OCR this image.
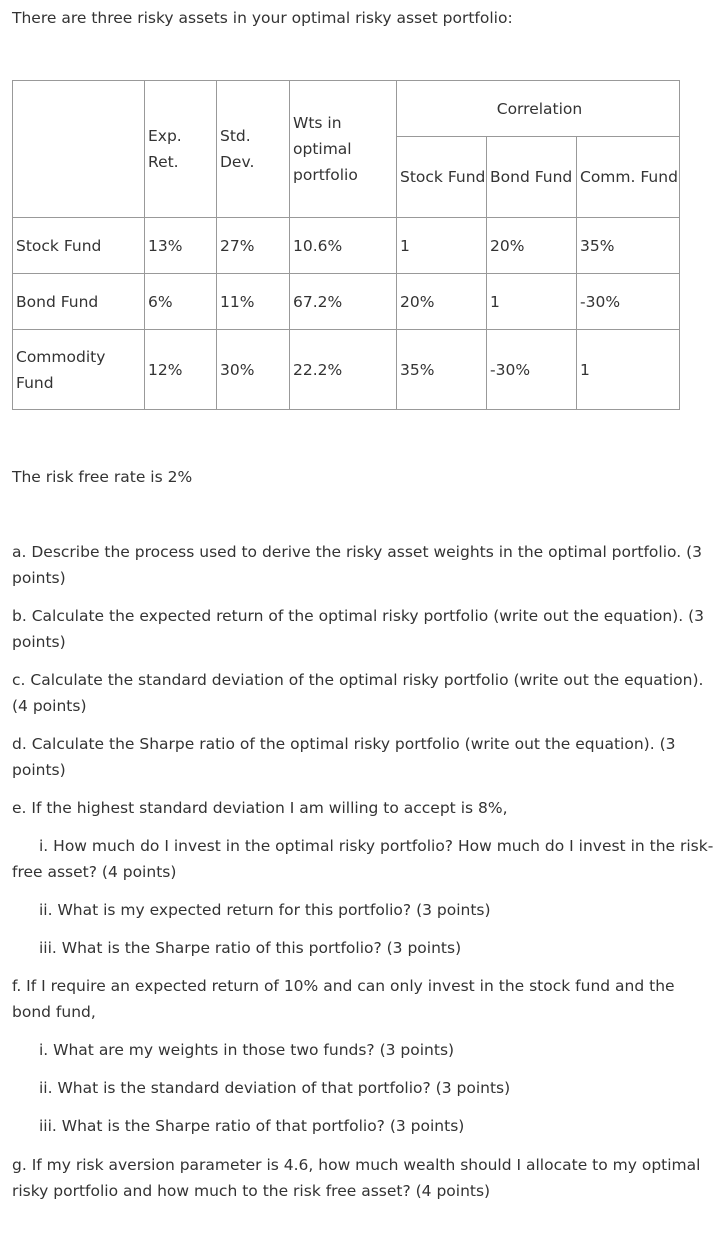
There are three risky assets in your optimal risky asset portfolio:
	Exp. Ret.	Std. Dev.	Wts in optimal portfolio	Correlation		
				Stock Fund	Bond Fund	Comm. Fund
Stock Fund	13%	27%	10.6%	1	20%	35%
Bond Fund	6%	11%	67.2%	20%	1	-30%
Commodity Fund	12%	30%	22.2%	35%	-30%	1
The risk free rate is 2%

a. Describe the process used to derive the risky asset weights in the optimal portfolio. (3 points)

b. Calculate the expected return of the optimal risky portfolio (write out the equation). (3 points)

c. Calculate the standard deviation of the optimal risky portfolio (write out the equation). (4 points)

d. Calculate the Sharpe ratio of the optimal risky portfolio (write out the equation). (3 points)

e. If the highest standard deviation I am willing to accept is 8%,

i. How much do I invest in the optimal risky portfolio? How much do I invest in the risk-free asset? (4 points)

ii. What is my expected return for this portfolio? (3 points)

iii. What is the Sharpe ratio of this portfolio? (3 points)

f. If I require an expected return of 10% and can only invest in the stock fund and the bond fund,

i. What are my weights in those two funds? (3 points)

ii. What is the standard deviation of that portfolio? (3 points)

iii. What is the Sharpe ratio of that portfolio? (3 points)

g. If my risk aversion parameter is 4.6, how much wealth should I allocate to my optimal risky portfolio and how much to the risk free asset? (4 points)
